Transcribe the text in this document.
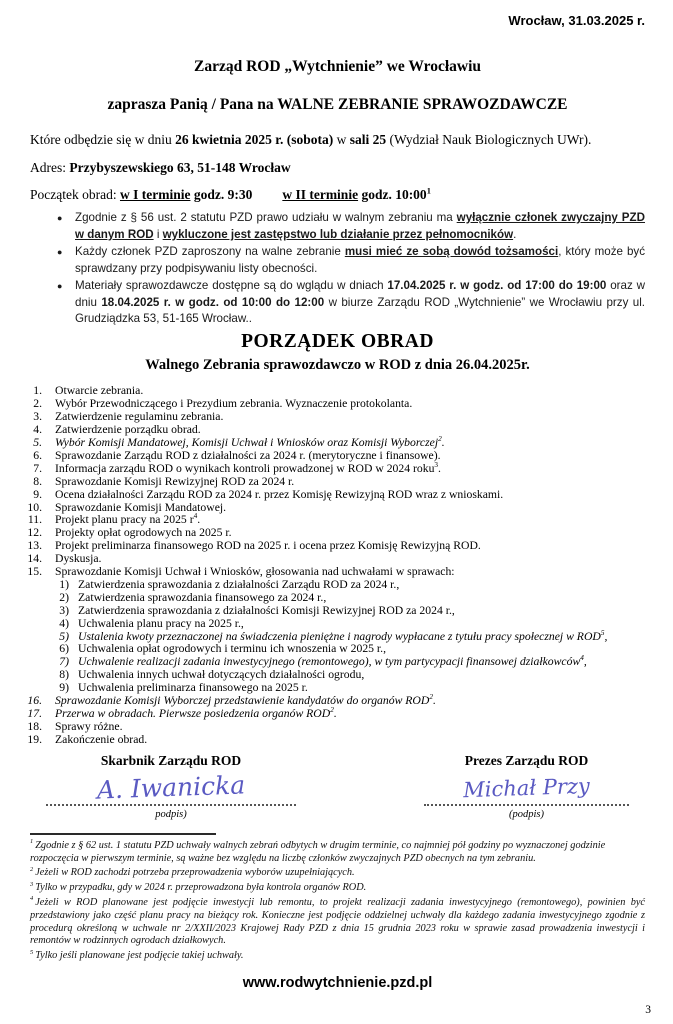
Wrocław, 31.03.2025 r.
Zarząd ROD „Wytchnienie” we Wrocławiu
zaprasza Panią / Pana na WALNE ZEBRANIE SPRAWOZDAWCZE

Które odbędzie się w dniu 26 kwietnia 2025 r. (sobota) w sali 25 (Wydział Nauk Biologicznych UWr).

Adres: Przybyszewskiego 63, 51-148 Wrocław

Początek obrad: w I terminie godz. 9:30 w II terminie godz. $10:00^1$

● Zgodnie z § 56 ust. 2 statutu PZD prawo udziału w walnym zebraniu ma wyłącznie członek zwyczajny PZD w danym ROD i wykluczone jest zastępstwo lub działanie przez pełnomocników.
● Każdy członek PZD zaproszony na walne zebranie musi mieć ze sobą dowód tożsamości, który może być sprawdzany przy podpisywaniu listy obecności.
● Materiały sprawozdawcze dostępne są do wglądu w dniach 17.04.2025 r. w godz. od 17:00 do 19:00 oraz w dniu 18.04.2025 r. w godz. od 10:00 do 12:00 w biurze Zarządu ROD „Wytchnienie” we Wrocławiu przy ul. Grudziądzka 53, 51-165 Wrocław..
PORZĄDEK OBRAD
Walnego Zebrania sprawozdawczo w ROD z dnia 26.04.2025r.
1.	Otwarcie zebrania.
2.	Wybór Przewodniczącego i Prezydium zebrania. Wyznaczenie protokolanta.
3.	Zatwierdzenie regulaminu zebrania.
4.	Zatwierdzenie porządku obrad.
5.	Wybór Komisji Mandatowej, Komisji Uchwał i Wniosków oraz Komisji Wyborczej$^2$.
6.	Sprawozdanie Zarządu ROD z działalności za 2024 r. (merytoryczne i finansowe).
7.	Informacja zarządu ROD o wynikach kontroli prowadzonej w ROD w 2024 roku$^3$.
8.	Sprawozdanie Komisji Rewizyjnej ROD za 2024 r.
9.	Ocena działalności Zarządu ROD za 2024 r. przez Komisję Rewizyjną ROD wraz z wnioskami.
10.	Sprawozdanie Komisji Mandatowej.
11.	Projekt planu pracy na 2025 $r^4$.
12.	Projekty opłat ogrodowych na 2025 r.
13.	Projekt preliminarza finansowego ROD na 2025 r. i ocena przez Komisję Rewizyjną ROD.
14.	Dyskusja.
15.	Sprawozdanie Komisji Uchwał i Wniosków, głosowania nad uchwałami w sprawach:
1) Zatwierdzenia sprawozdania z działalności Zarządu ROD za 2024 r.,
2) Zatwierdzenia sprawozdania finansowego za 2024 r.,
3) Zatwierdzenia sprawozdania z działalności Komisji Rewizyjnej ROD za 2024 r.,
4) Uchwalenia planu pracy na 2025 r.,
5) Ustalenia kwoty przeznaczonej na świadczenia pieniężne i nagrody wypłacane z tytułu pracy społecznej w ROD$^5$,
6) Uchwalenia opłat ogrodowych i terminu ich wnoszenia w 2025 r.,
7) Uchwalenie realizacji zadania inwestycyjnego (remontowego), w tym partycypacji finansowej działkowców$^4$,
8) Uchwalenia innych uchwał dotyczących działalności ogrodu,
9) Uchwalenia preliminarza finansowego na 2025 r.
16.	Sprawozdanie Komisji Wyborczej przedstawienie kandydatów do organów ROD$^2$.
17.	Przerwa w obradach. Pierwsze posiedzenia organów ROD$^2$.
18.	Sprawy różne.
19.	Zakończenie obrad.
Skarbnik Zarządu ROD
A. Iwanicka
podpis)
Prezes Zarządu ROD
Michał Przy
(podpis)
$^1$ Zgodnie z § 62 ust. 1 statutu PZD uchwały walnych zebrań odbytych w drugim terminie, co najmniej pół godziny po wyznaczonej godzinie rozpoczęcia w pierwszym terminie, są ważne bez względu na liczbę członków zwyczajnych PZD obecnych na tym zebraniu.
$^2$ Jeżeli w ROD zachodzi potrzeba przeprowadzenia wyborów uzupełniających.
$^3$ Tylko w przypadku, gdy w 2024 r. przeprowadzona była kontrola organów ROD.
$^4$ Jeżeli w ROD planowane jest podjęcie inwestycji lub remontu, to projekt realizacji zadania inwestycyjnego (remontowego), powinien być przedstawiony jako część planu pracy na bieżący rok. Konieczne jest podjęcie oddzielnej uchwały dla każdego zadania inwestycyjnego zgodnie z procedurą określoną w uchwale nr 2/XXII/2023 Krajowej Rady PZD z dnia 15 grudnia 2023 roku w sprawie zasad prowadzenia inwestycji i remontów w rodzinnych ogrodach działkowych.
$^5$ Tylko jeśli planowane jest podjęcie takiej uchwały.
www.rodwytchnienie.pzd.pl
3
